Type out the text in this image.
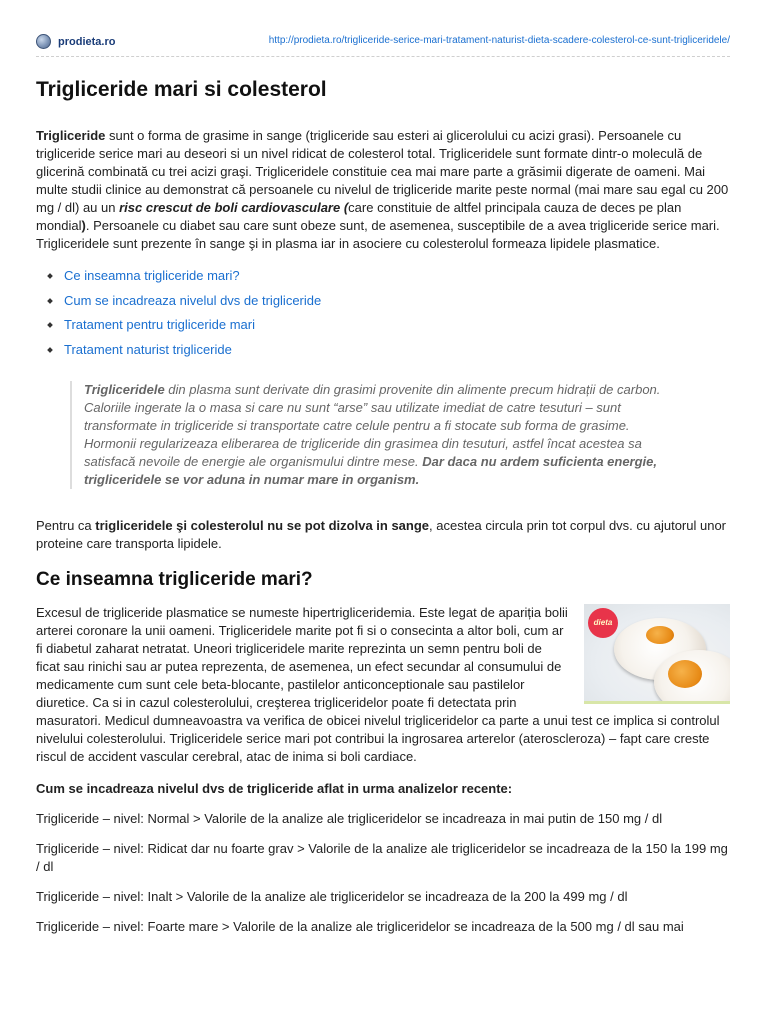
prodieta.ro	http://prodieta.ro/trigliceride-serice-mari-tratament-naturist-dieta-scadere-colesterol-ce-sunt-trigliceridele/
Trigliceride mari si colesterol

Trigliceride sunt o forma de grasime in sange (trigliceride sau esteri ai glicerolului cu acizi grasi). Persoanele cu trigliceride serice mari au deseori si un nivel ridicat de colesterol total. Trigliceridele sunt formate dintr-o moleculă de glicerină combinată cu trei acizi graşi. Trigliceridele constituie cea mai mare parte a grăsimii digerate de oameni. Mai multe studii clinice au demonstrat că persoanele cu nivelul de trigliceride marite peste normal (mai mare sau egal cu 200 mg / dl) au un risc crescut de boli cardiovasculare (care constituie de altfel principala cauza de deces pe plan mondial). Persoanele cu diabet sau care sunt obeze sunt, de asemenea, susceptibile de a avea trigliceride serice mari. Trigliceridele sunt prezente în sange şi in plasma iar in asociere cu colesterolul formeaza lipidele plasmatice.

Ce inseamna trigliceride mari?
Cum se incadreaza nivelul dvs de trigliceride
Tratament pentru trigliceride mari
Tratament naturist trigliceride
Trigliceridele din plasma sunt derivate din grasimi provenite din alimente precum hidrații de carbon. Caloriile ingerate la o masa si care nu sunt “arse” sau utilizate imediat de catre tesuturi – sunt transformate in trigliceride si transportate catre celule pentru a fi stocate sub forma de grasime. Hormonii regularizeaza eliberarea de trigliceride din grasimea din tesuturi, astfel încat acestea sa satisfacă nevoile de energie ale organismului dintre mese. Dar daca nu ardem suficienta energie, trigliceridele se vor aduna in numar mare in organism.

Pentru ca trigliceridele şi colesterolul nu se pot dizolva in sange, acestea circula prin tot corpul dvs. cu ajutorul unor proteine care transporta lipidele.

Ce inseamna trigliceride mari?
dieta

Excesul de trigliceride plasmatice se numeste hipertrigliceridemia. Este legat de apariția bolii arterei coronare la unii oameni. Trigliceridele marite pot fi si o consecinta a altor boli, cum ar fi diabetul zaharat netratat. Uneori trigliceridele marite reprezinta un semn pentru boli de ficat sau rinichi sau ar putea reprezenta, de asemenea, un efect secundar al consumului de medicamente cum sunt cele beta-blocante, pastilelor anticonceptionale sau pastilelor diuretice. Ca si in cazul colesterolului, creşterea trigliceridelor poate fi detectata prin masuratori. Medicul dumneavoastra va verifica de obicei nivelul trigliceridelor ca parte a unui test ce implica si controlul nivelului colesterolului. Trigliceridele serice mari pot contribui la ingrosarea arterelor (ateroscleroza) – fapt care creste riscul de accident vascular cerebral, atac de inima si boli cardiace.

Cum se incadreaza nivelul dvs de trigliceride aflat in urma analizelor recente:

Trigliceride – nivel: Normal > Valorile de la analize ale trigliceridelor se incadreaza in mai putin de 150 mg / dl

Trigliceride – nivel: Ridicat dar nu foarte grav > Valorile de la analize ale trigliceridelor se incadreaza de la 150 la 199 mg / dl

Trigliceride – nivel: Inalt > Valorile de la analize ale trigliceridelor se incadreaza de la 200 la 499 mg / dl

Trigliceride – nivel: Foarte mare > Valorile de la analize ale trigliceridelor se incadreaza de la 500 mg / dl sau mai
